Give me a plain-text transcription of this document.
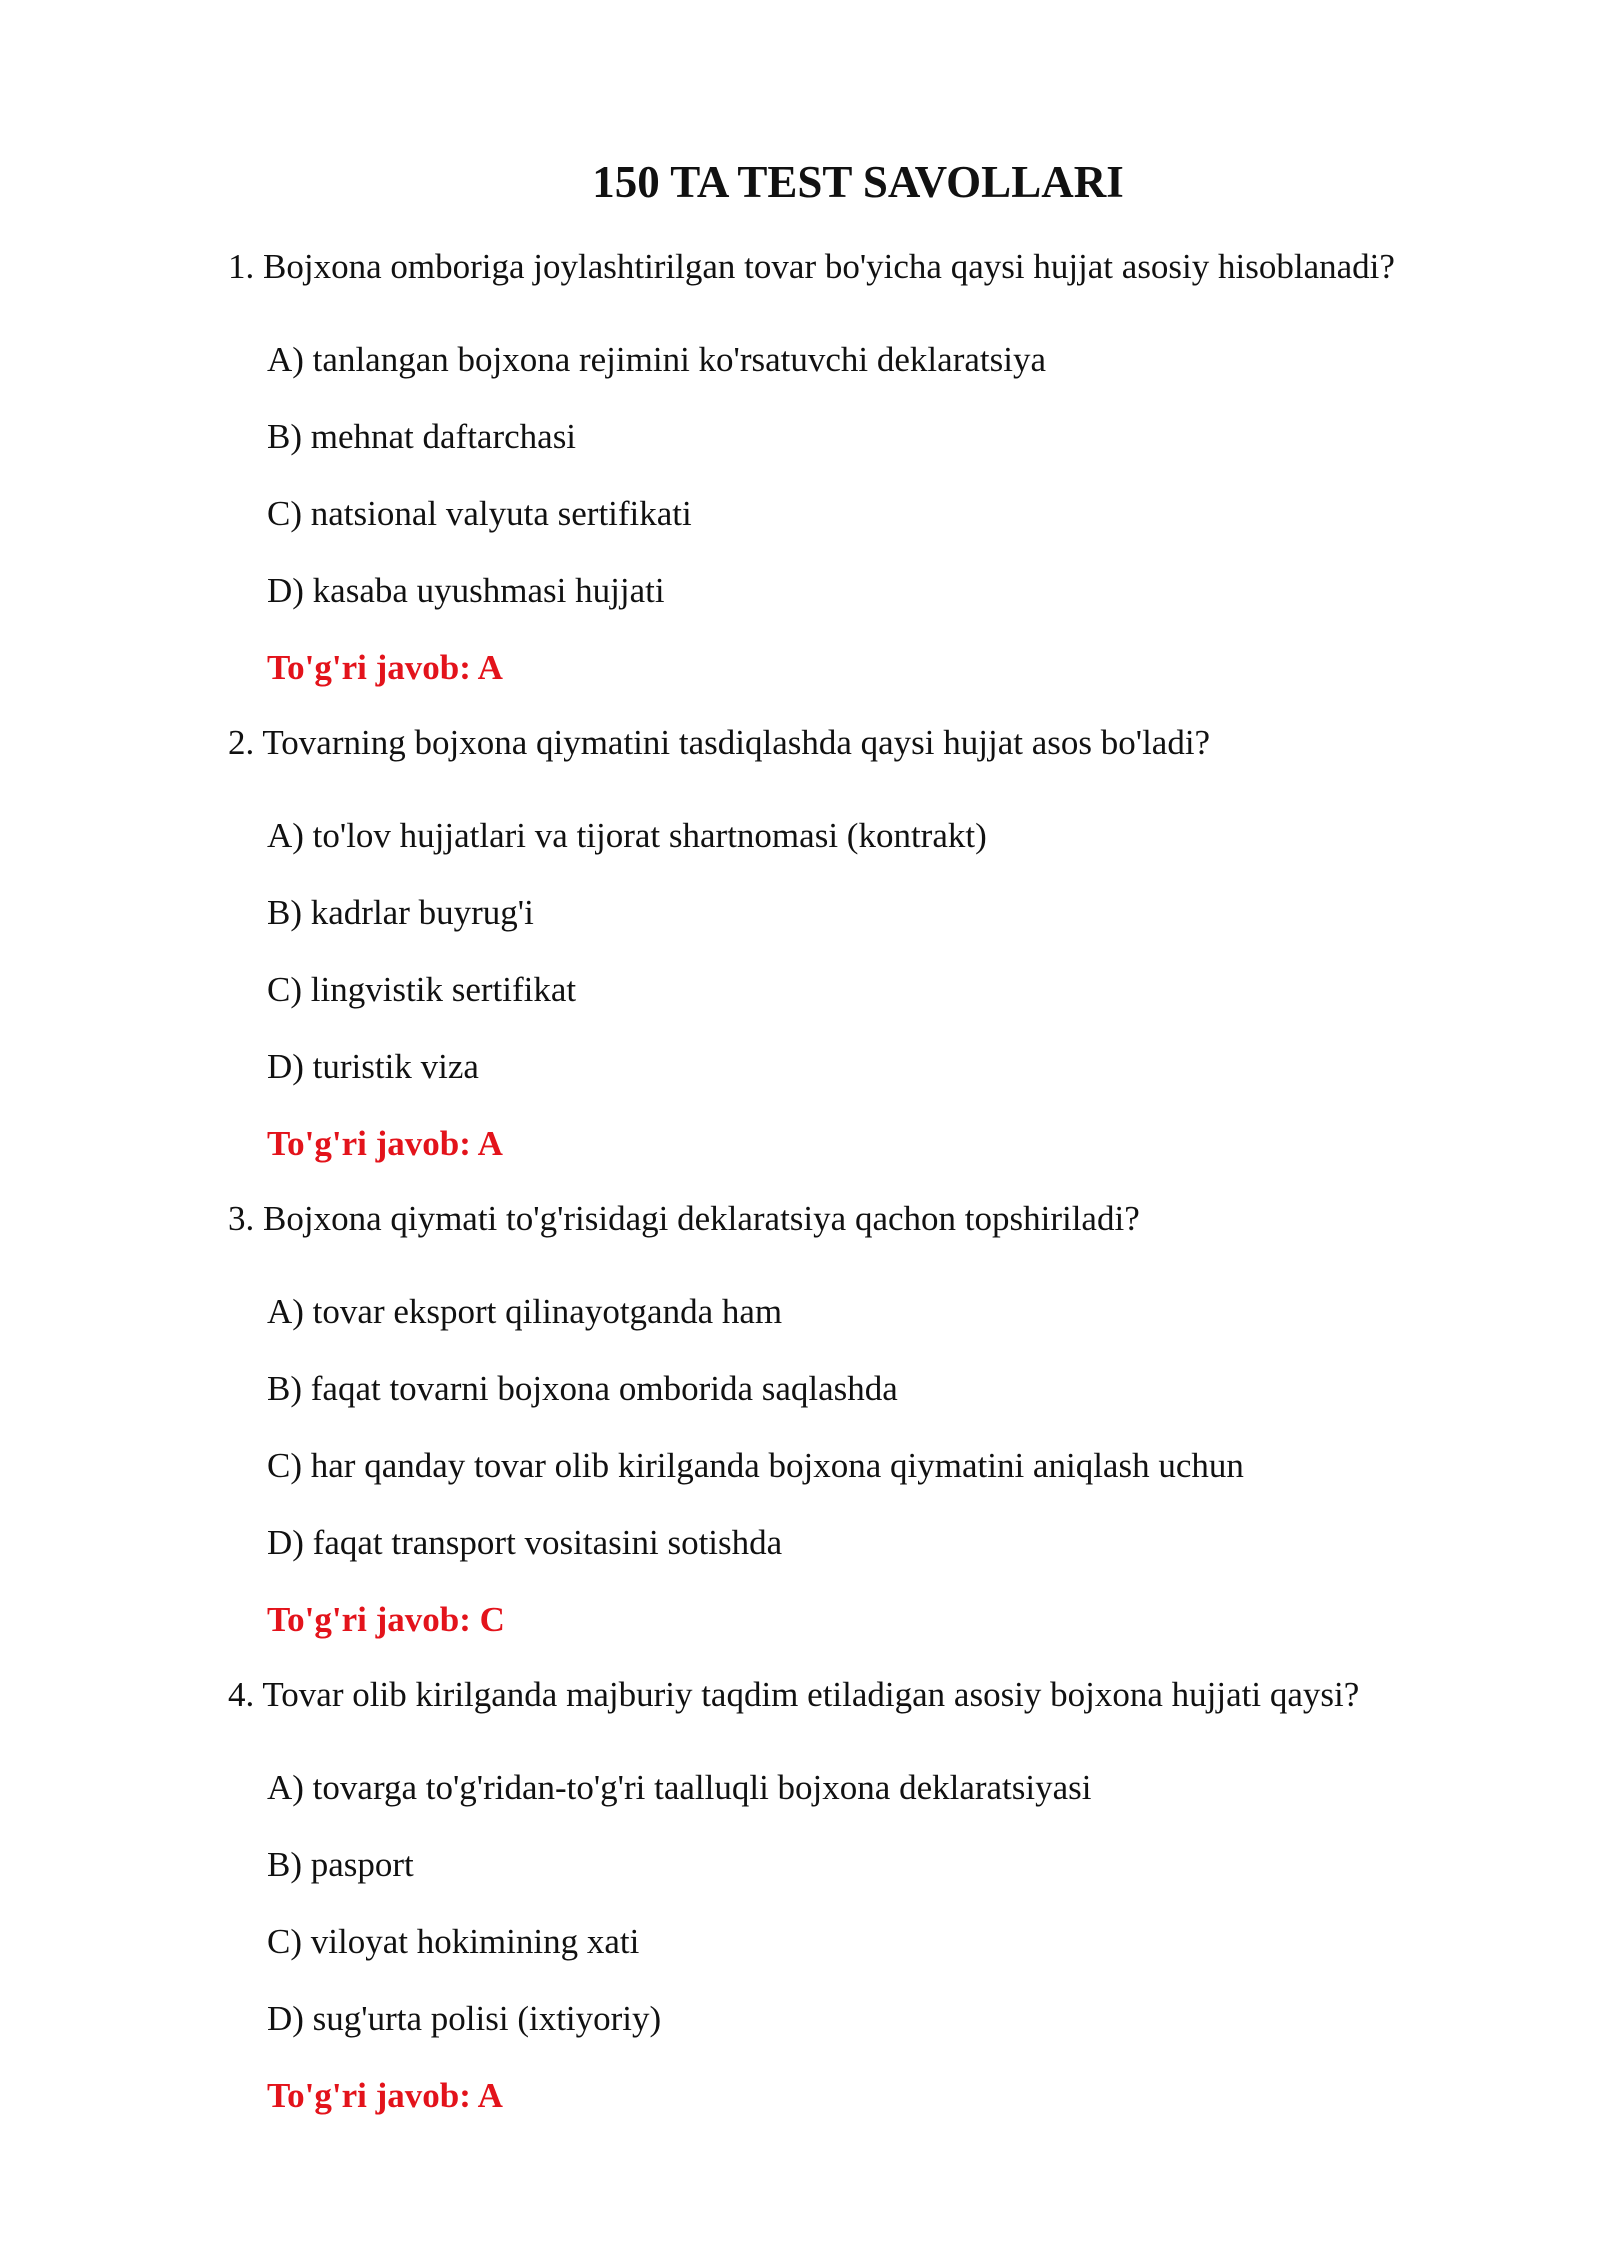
150 TA TEST SAVOLLARI
1. Bojxona omboriga joylashtirilgan tovar bo'yicha qaysi hujjat asosiy hisoblanadi?
A) tanlangan bojxona rejimini ko'rsatuvchi deklaratsiya
B) mehnat daftarchasi
C) natsional valyuta sertifikati
D) kasaba uyushmasi hujjati
To'g'ri javob: A
2. Tovarning bojxona qiymatini tasdiqlashda qaysi hujjat asos bo'ladi?
A) to'lov hujjatlari va tijorat shartnomasi (kontrakt)
B) kadrlar buyrug'i
C) lingvistik sertifikat
D) turistik viza
To'g'ri javob: A
3. Bojxona qiymati to'g'risidagi deklaratsiya qachon topshiriladi?
A) tovar eksport qilinayotganda ham
B) faqat tovarni bojxona omborida saqlashda
C) har qanday tovar olib kirilganda bojxona qiymatini aniqlash uchun
D) faqat transport vositasini sotishda
To'g'ri javob: C
4. Tovar olib kirilganda majburiy taqdim etiladigan asosiy bojxona hujjati qaysi?
A) tovarga to'g'ridan-to'g'ri taalluqli bojxona deklaratsiyasi
B) pasport
C) viloyat hokimining xati
D) sug'urta polisi (ixtiyoriy)
To'g'ri javob: A
